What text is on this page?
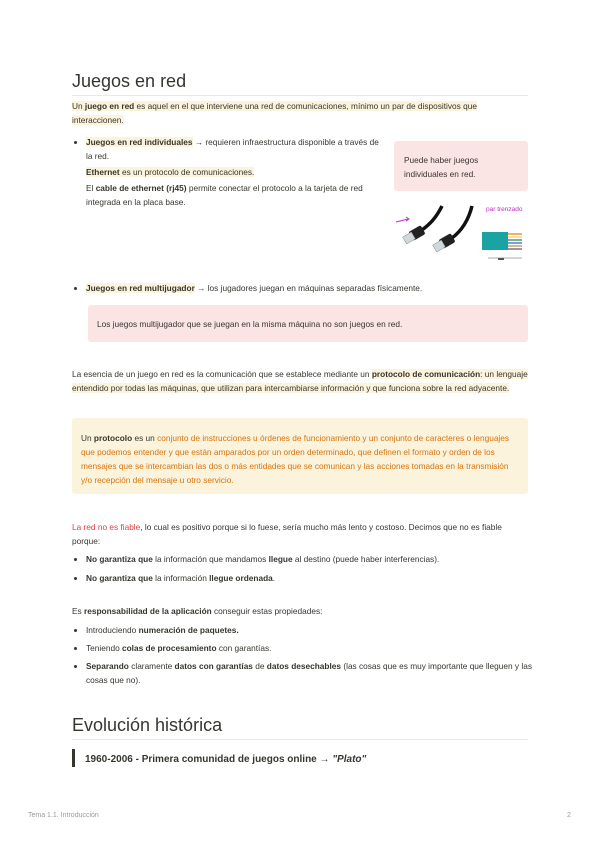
Juegos en red

Un juego en red es aquel en el que interviene una red de comunicaciones, mínimo un par de dispositivos que interaccionen.

• Juegos en red individuales → requieren infraestructura disponible a través de la red.
Ethernet es un protocolo de comunicaciones.
El cable de ethernet (rj45) permite conectar el protocolo a la tarjeta de red integrada en la placa base.

Puede haber juegos individuales en red.

par trenzado
• Juegos en red multijugador → los jugadores juegan en máquinas separadas físicamente.

Los juegos multijugador que se juegan en la misma máquina no son juegos en red.

La esencia de un juego en red es la comunicación que se establece mediante un protocolo de comunicación: un lenguaje entendido por todas las máquinas, que utilizan para intercambiarse información y que funciona sobre la red adyacente.

Un protocolo es un conjunto de instrucciones u órdenes de funcionamiento y un conjunto de caracteres o lenguajes que podemos entender y que están amparados por un orden determinado, que definen el formato y orden de los mensajes que se intercambian las dos o más entidades que se comunican y las acciones tomadas en la transmisión y/o recepción del mensaje u otro servicio.

La red no es fiable, lo cual es positivo porque si lo fuese, sería mucho más lento y costoso. Decimos que no es fiable porque:

• No garantiza que la información que mandamos llegue al destino (puede haber interferencias).
• No garantiza que la información llegue ordenada.

Es responsabilidad de la aplicación conseguir estas propiedades:

• Introduciendo numeración de paquetes.
• Teniendo colas de procesamiento con garantías.
• Separando claramente datos con garantías de datos desechables (las cosas que es muy importante que lleguen y las cosas que no).
Evolución histórica
1960-2006 - Primera comunidad de juegos online → "Plato"
Tema 1.1. Introducción	2
